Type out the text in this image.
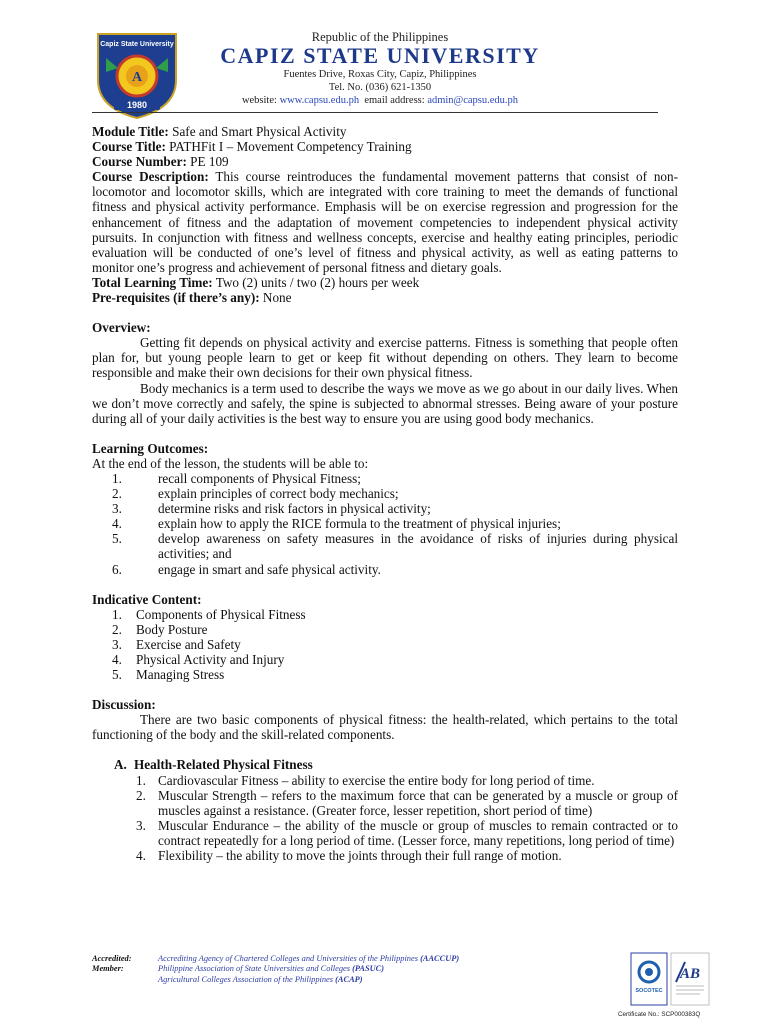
Capiz State University
A
1980
Republic of the Philippines
CAPIZ STATE UNIVERSITY
Fuentes Drive, Roxas City, Capiz, Philippines
Tel. No. (036) 621-1350
website: www.capsu.edu.ph email address: admin@capsu.edu.ph

Module Title: Safe and Smart Physical Activity

Course Title: PATHFit I – Movement Competency Training

Course Number: PE 109

Course Description: This course reintroduces the fundamental movement patterns that consist of non-locomotor and locomotor skills, which are integrated with core training to meet the demands of functional fitness and physical activity performance. Emphasis will be on exercise regression and progression for the enhancement of fitness and the adaptation of movement competencies to independent physical activity pursuits. In conjunction with fitness and wellness concepts, exercise and healthy eating principles, periodic evaluation will be conducted of one’s level of fitness and physical activity, as well as eating patterns to monitor one’s progress and achievement of personal fitness and dietary goals.

Total Learning Time: Two (2) units / two (2) hours per week

Pre-requisites (if there’s any): None

Overview:

Getting fit depends on physical activity and exercise patterns. Fitness is something that people often plan for, but young people learn to get or keep fit without depending on others. They learn to become responsible and make their own decisions for their own physical fitness.

Body mechanics is a term used to describe the ways we move as we go about in our daily lives. When we don’t move correctly and safely, the spine is subjected to abnormal stresses. Being aware of your posture during all of your daily activities is the best way to ensure you are using good body mechanics.

Learning Outcomes:

At the end of the lesson, the students will be able to:

1.	recall components of Physical Fitness;
2.	explain principles of correct body mechanics;
3.	determine risks and risk factors in physical activity;
4.	explain how to apply the RICE formula to the treatment of physical injuries;
5.	develop awareness on safety measures in the avoidance of risks of injuries during physical activities; and
6.	engage in smart and safe physical activity.

Indicative Content:

1.	Components of Physical Fitness
2.	Body Posture
3.	Exercise and Safety
4.	Physical Activity and Injury
5.	Managing Stress

Discussion:

There are two basic components of physical fitness: the health-related, which pertains to the total functioning of the body and the skill-related components.

A. Health-Related Physical Fitness

1. Cardiovascular Fitness – ability to exercise the entire body for long period of time.
2. Muscular Strength – refers to the maximum force that can be generated by a muscle or group of muscles against a resistance. (Greater force, lesser repetition, short period of time)
3. Muscular Endurance – the ability of the muscle or group of muscles to remain contracted or to contract repeatedly for a long period of time. (Lesser force, many repetitions, long period of time)
4. Flexibility – the ability to move the joints through their full range of motion.
Accredited:	Accrediting Agency of Chartered Colleges and Universities of the Philippines (AACCUP)
Member:	Philippine Association of State Universities and Colleges (PASUC)
Agricultural Colleges Association of the Philippines (ACAP)
SOCOTEC
AB
Certificate No.: SCP000383Q
